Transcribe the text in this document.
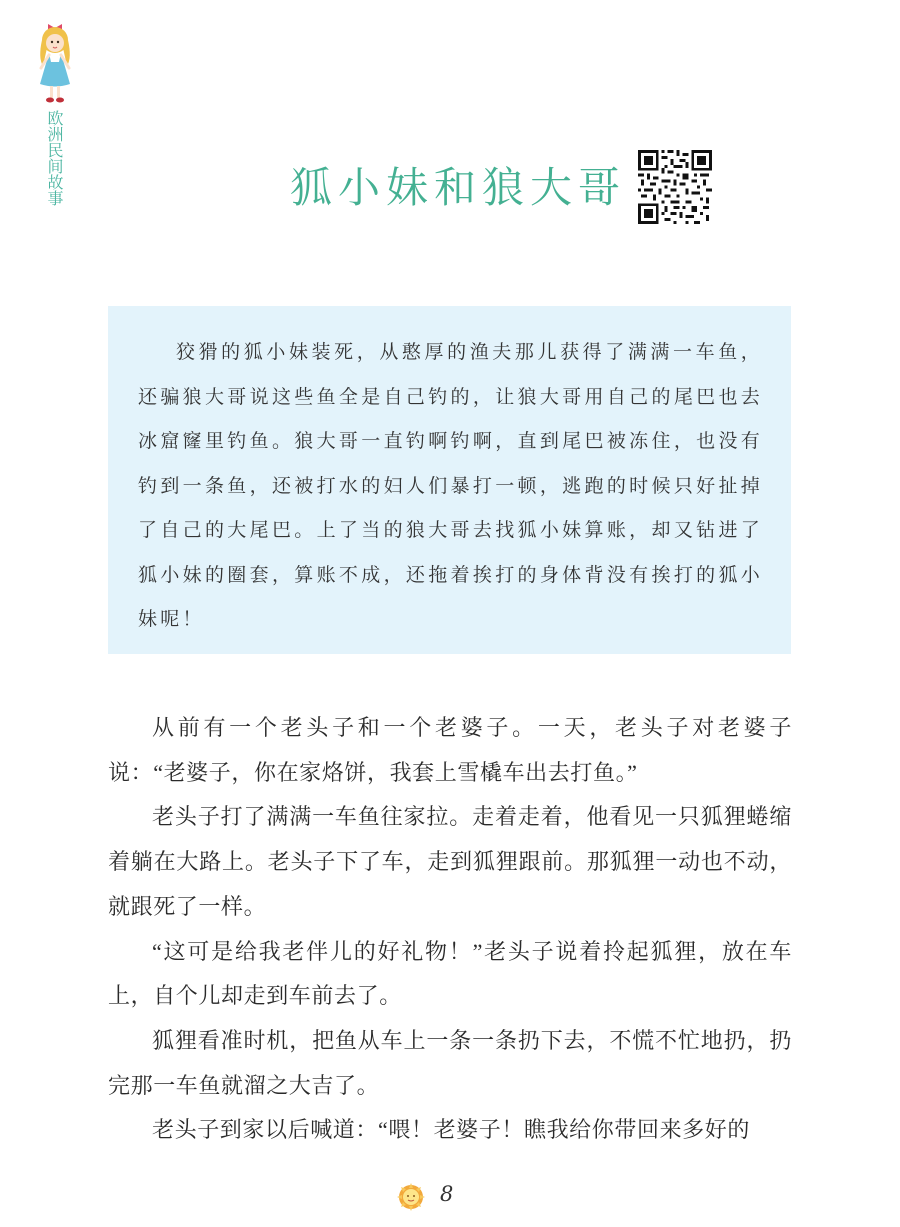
欧洲民间故事	狐小妹和狼大哥

狡猾的狐小妹装死，从憨厚的渔夫那儿获得了满满一车鱼，还骗狼大哥说这些鱼全是自己钓的，让狼大哥用自己的尾巴也去冰窟窿里钓鱼。狼大哥一直钓啊钓啊，直到尾巴被冻住，也没有钓到一条鱼，还被打水的妇人们暴打一顿，逃跑的时候只好扯掉了自己的大尾巴。上了当的狼大哥去找狐小妹算账，却又钻进了狐小妹的圈套，算账不成，还拖着挨打的身体背没有挨打的狐小妹呢！

从前有一个老头子和一个老婆子。一天，老头子对老婆子说：“老婆子，你在家烙饼，我套上雪橇车出去打鱼。”

老头子打了满满一车鱼往家拉。走着走着，他看见一只狐狸蜷缩着躺在大路上。老头子下了车，走到狐狸跟前。那狐狸一动也不动，就跟死了一样。

“这可是给我老伴儿的好礼物！”老头子说着拎起狐狸，放在车上，自个儿却走到车前去了。

狐狸看准时机，把鱼从车上一条一条扔下去，不慌不忙地扔，扔完那一车鱼就溜之大吉了。

老头子到家以后喊道：“喂！老婆子！瞧我给你带回来多好的

8
